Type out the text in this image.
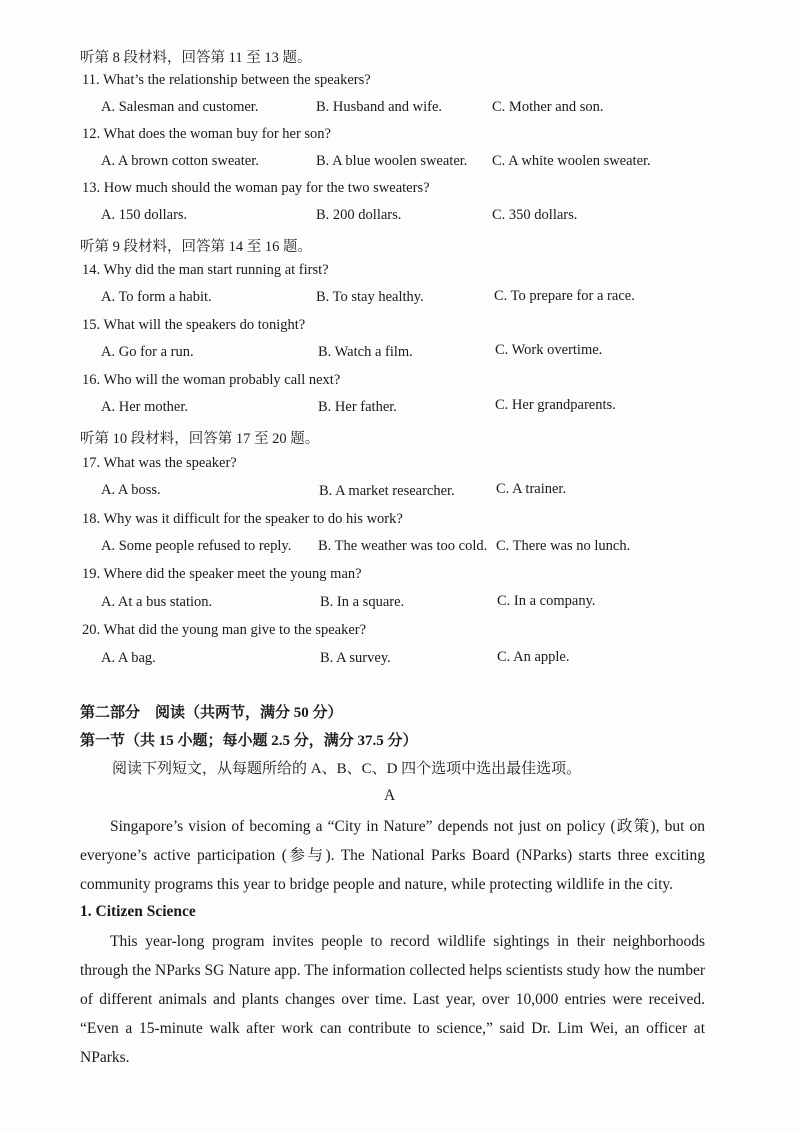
听第 8 段材料，回答第 11 至 13 题。
11. What’s the relationship between the speakers?
A. Salesman and customer.	B. Husband and wife.	C. Mother and son.
12. What does the woman buy for her son?
A. A brown cotton sweater.	B. A blue woolen sweater. C. A white woolen sweater.
13. How much should the woman pay for the two sweaters?
A. 150 dollars.	B. 200 dollars.	C. 350 dollars.
听第 9 段材料，回答第 14 至 16 题。
14. Why did the man start running at first?
A. To form a habit.	B. To stay healthy.	C. To prepare for a race.
15. What will the speakers do tonight?
A. Go for a run.	B. Watch a film.	C. Work overtime.
16. Who will the woman probably call next?
A. Her mother.	B. Her father.	C. Her grandparents.
听第 10 段材料，回答第 17 至 20 题。
17. What was the speaker?
A. A boss.	B. A market researcher.	C. A trainer.
18. Why was it difficult for the speaker to do his work?
A. Some people refused to reply. B. The weather was too cold. C. There was no lunch.
19. Where did the speaker meet the young man?
A. At a bus station.	B. In a square.	C. In a company.
20. What did the young man give to the speaker?
A. A bag.	B. A survey.	C. An apple.
第二部分　阅读（共两节，满分 50 分）
第一节（共 15 小题；每小题 2.5 分，满分 37.5 分）
阅读下列短文，从每题所给的 A、B、C、D 四个选项中选出最佳选项。
A
Singapore’s vision of becoming a “City in Nature” depends not just on policy (政策), but on everyone’s active participation (参与). The National Parks Board (NParks) starts three exciting community programs this year to bridge people and nature, while protecting wildlife in the city.
1. Citizen Science
This year-long program invites people to record wildlife sightings in their neighborhoods through the NParks SG Nature app. The information collected helps scientists study how the number of different animals and plants changes over time. Last year, over 10,000 entries were received. “Even a 15-minute walk after work can contribute to science,” said Dr. Lim Wei, an officer at NParks.
